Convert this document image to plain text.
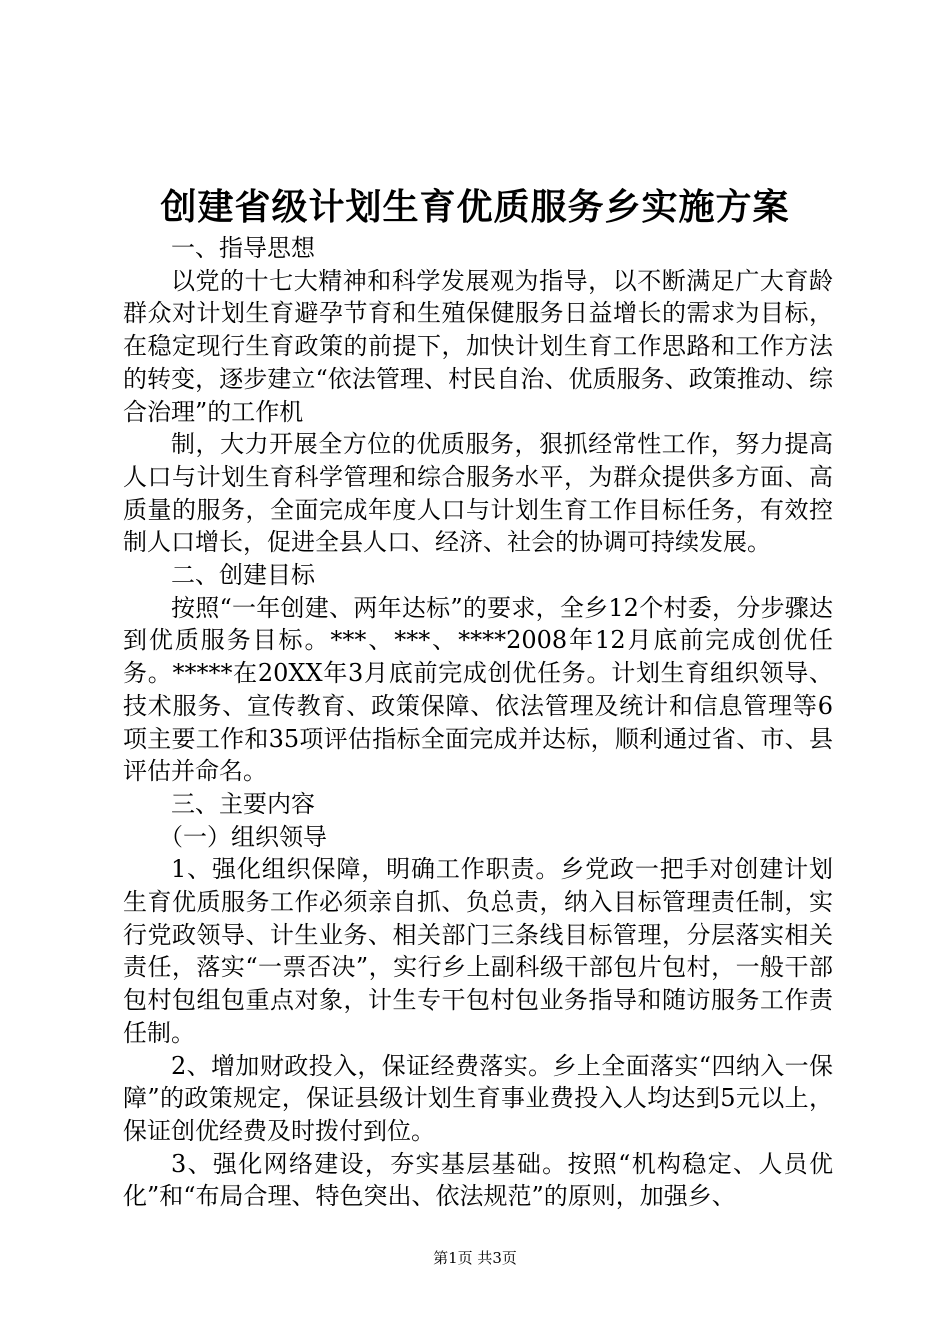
创建省级计划生育优质服务乡实施方案

一、指导思想

以党的十七大精神和科学发展观为指导，以不断满足广大育龄群众对计划生育避孕节育和生殖保健服务日益增长的需求为目标，在稳定现行生育政策的前提下，加快计划生育工作思路和工作方法的转变，逐步建立“依法管理、村民自治、优质服务、政策推动、综合治理”的工作机

制，大力开展全方位的优质服务，狠抓经常性工作，努力提高人口与计划生育科学管理和综合服务水平，为群众提供多方面、高质量的服务，全面完成年度人口与计划生育工作目标任务，有效控制人口增长，促进全县人口、经济、社会的协调可持续发展。

二、创建目标

按照“一年创建、两年达标”的要求，全乡12个村委，分步骤达到优质服务目标。***、***、****2008年12月底前完成创优任务。*****在20XX年3月底前完成创优任务。计划生育组织领导、技术服务、宣传教育、政策保障、依法管理及统计和信息管理等6项主要工作和35项评估指标全面完成并达标，顺利通过省、市、县评估并命名。

三、主要内容

（一）组织领导

1、强化组织保障，明确工作职责。乡党政一把手对创建计划生育优质服务工作必须亲自抓、负总责，纳入目标管理责任制，实行党政领导、计生业务、相关部门三条线目标管理，分层落实相关责任，落实“一票否决”，实行乡上副科级干部包片包村，一般干部包村包组包重点对象，计生专干包村包业务指导和随访服务工作责任制。

2、增加财政投入，保证经费落实。乡上全面落实“四纳入一保障”的政策规定，保证县级计划生育事业费投入人均达到5元以上，保证创优经费及时拨付到位。

3、强化网络建设，夯实基层基础。按照“机构稳定、人员优化”和“布局合理、特色突出、依法规范”的原则，加强乡、

第1页 共3页
